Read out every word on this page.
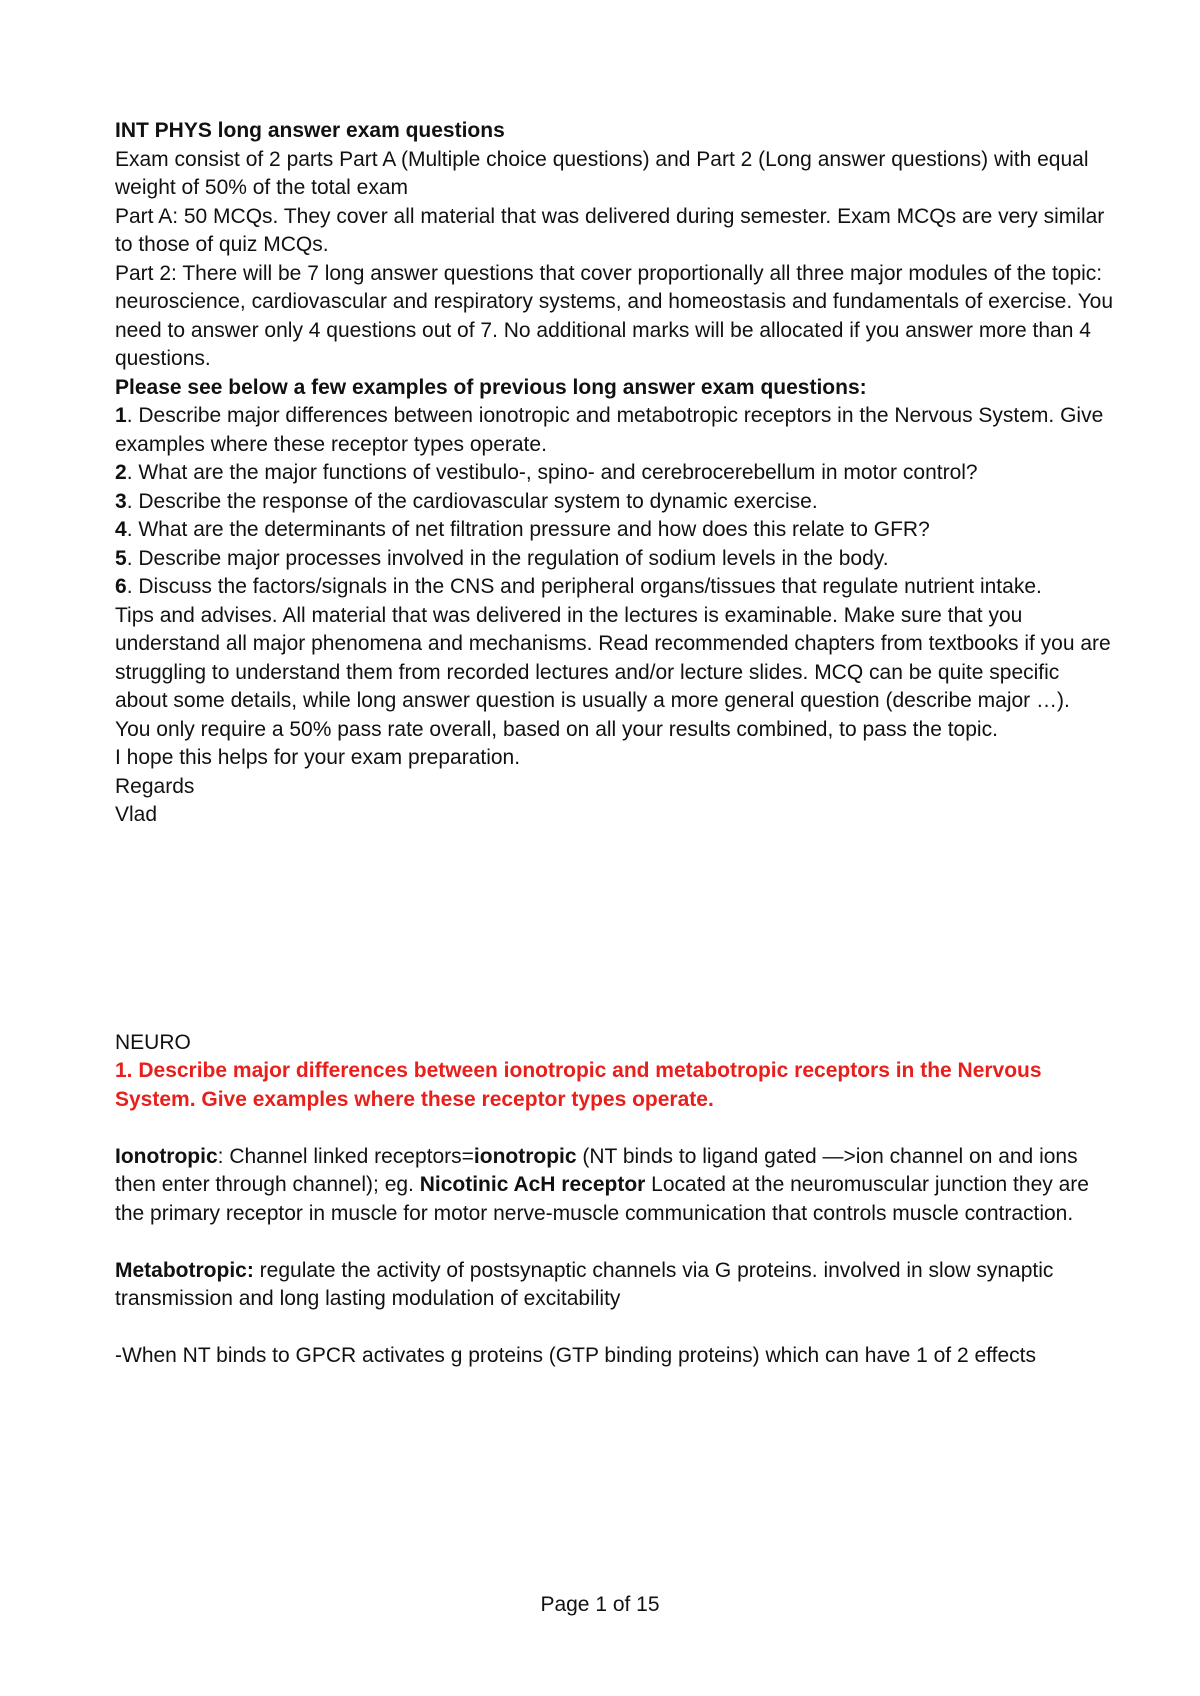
INT PHYS long answer exam questions

Exam consist of 2 parts Part A (Multiple choice questions) and Part 2 (Long answer questions) with equal weight of 50% of the total exam

Part A: 50 MCQs. They cover all material that was delivered during semester. Exam MCQs are very similar to those of quiz MCQs.

Part 2: There will be 7 long answer questions that cover proportionally all three major modules of the topic: neuroscience, cardiovascular and respiratory systems, and homeostasis and fundamentals of exercise. You need to answer only 4 questions out of 7. No additional marks will be allocated if you answer more than 4 questions.

Please see below a few examples of previous long answer exam questions:

1. Describe major differences between ionotropic and metabotropic receptors in the Nervous System. Give examples where these receptor types operate.

2. What are the major functions of vestibulo-, spino- and cerebrocerebellum in motor control?

3. Describe the response of the cardiovascular system to dynamic exercise.

4. What are the determinants of net filtration pressure and how does this relate to GFR?

5. Describe major processes involved in the regulation of sodium levels in the body.

6. Discuss the factors/signals in the CNS and peripheral organs/tissues that regulate nutrient intake.

Tips and advises. All material that was delivered in the lectures is examinable. Make sure that you understand all major phenomena and mechanisms. Read recommended chapters from textbooks if you are struggling to understand them from recorded lectures and/or lecture slides. MCQ can be quite specific about some details, while long answer question is usually a more general question (describe major …).

You only require a 50% pass rate overall, based on all your results combined, to pass the topic.

I hope this helps for your exam preparation.

Regards

Vlad

NEURO

1. Describe major differences between ionotropic and metabotropic receptors in the Nervous System. Give examples where these receptor types operate.

Ionotropic: Channel linked receptors=ionotropic (NT binds to ligand gated —>ion channel on and ions then enter through channel); eg. Nicotinic AcH receptor Located at the neuromuscular junction they are the primary receptor in muscle for motor nerve-muscle communication that controls muscle contraction.

Metabotropic: regulate the activity of postsynaptic channels via G proteins. involved in slow synaptic transmission and long lasting modulation of excitability

-When NT binds to GPCR activates g proteins (GTP binding proteins) which can have 1 of 2 effects

Page 1 of 15
